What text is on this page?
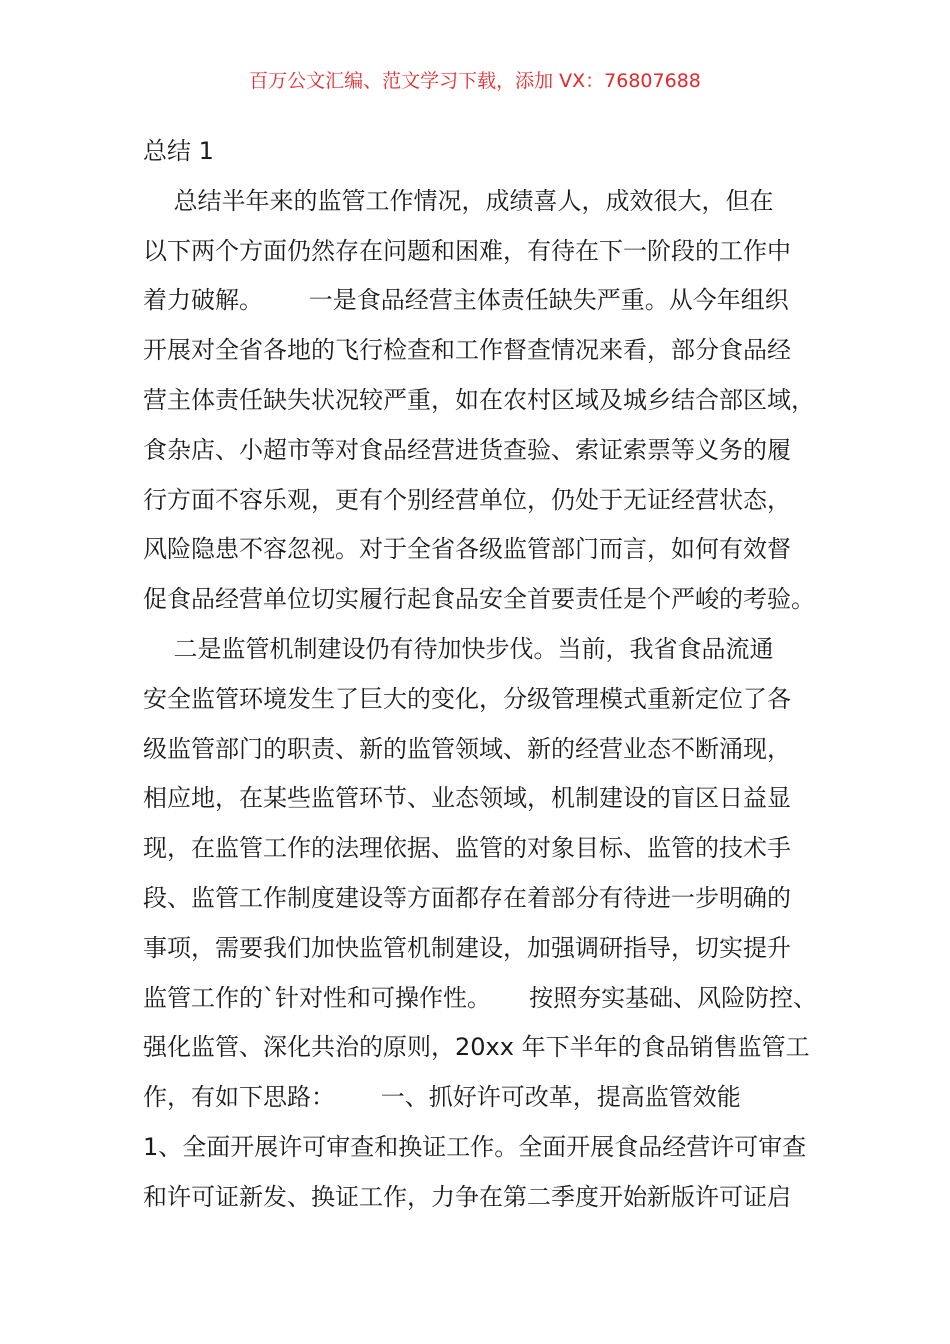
百万公文汇编、范文学习下载，添加 VX：76807688
总结 1
总结半年来的监管工作情况，成绩喜人，成效很大，但在
以下两个方面仍然存在问题和困难，有待在下一阶段的工作中
着力破解。      一是食品经营主体责任缺失严重。从今年组织
开展对全省各地的飞行检查和工作督查情况来看，部分食品经
营主体责任缺失状况较严重，如在农村区域及城乡结合部区域，
食杂店、小超市等对食品经营进货查验、索证索票等义务的履
行方面不容乐观，更有个别经营单位，仍处于无证经营状态，
风险隐患不容忽视。对于全省各级监管部门而言，如何有效督
促食品经营单位切实履行起食品安全首要责任是个严峻的考验。
二是监管机制建设仍有待加快步伐。当前，我省食品流通
安全监管环境发生了巨大的变化，分级管理模式重新定位了各
级监管部门的职责、新的监管领域、新的经营业态不断涌现，
相应地，在某些监管环节、业态领域，机制建设的盲区日益显
现，在监管工作的法理依据、监管的对象目标、监管的技术手
段、监管工作制度建设等方面都存在着部分有待进一步明确的
事项，需要我们加快监管机制建设，加强调研指导，切实提升
监管工作的`针对性和可操作性。     按照夯实基础、风险防控、
强化监管、深化共治的原则，20xx 年下半年的食品销售监管工
作，有如下思路：      一、抓好许可改革，提高监管效能
1、全面开展许可审查和换证工作。全面开展食品经营许可审查
和许可证新发、换证工作，力争在第二季度开始新版许可证启
